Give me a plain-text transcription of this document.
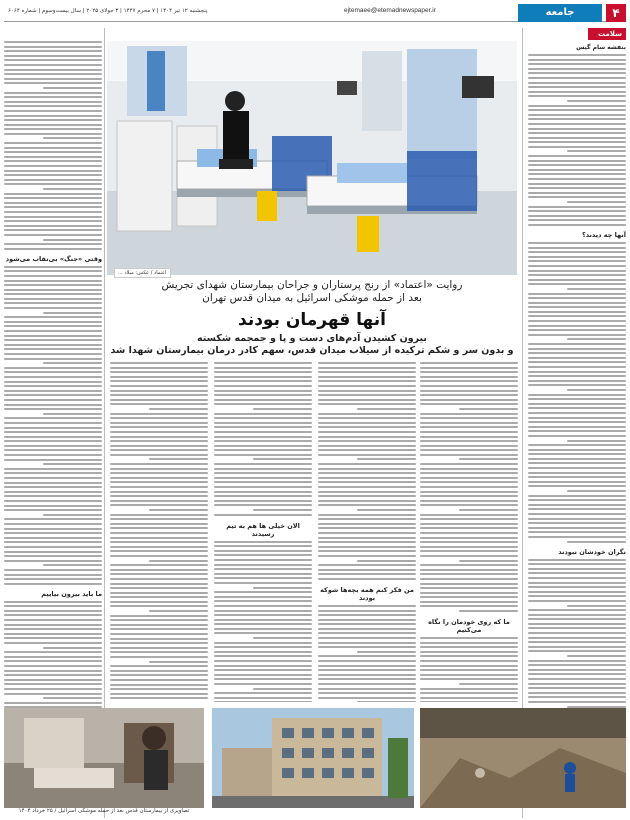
۴
جامعه
ejtemaee@etemadnewspaper.ir
پنجشنبه ۱۲ تیر ۱۴۰۴ | ۷ محرم ۱۴۴۷ | ۳ جولای ۲۰۲۵ | سال بیست‌وسوم | شماره ۶۰۶۴
سلامت
بنفشه سام گیس
آنها چه دیدند؟
نگران خودشان نبودند
اعتماد / عکس: میلاد ...
وقتی «جنگ» بی‌نقاب می‌شود
ما باید بیرون بیاییم
روایت «اعتماد» از رنج پرستاران و جراحان بیمارستان شهدای تجریش
بعد از حمله موشکی اسرائیل به میدان قدس تهران
آنها قهرمان بودند
بیرون کشیدن آدم‌های دست و پا و جمجمه شکسته
و بدون سر و شکم ترکیده از سیلاب میدان قدس، سهم کادر درمان بیمارستان شهدا شد
ما که روی خودمان را نگاه می‌کنیم
من فکر کنم همه بچه‌ها شوکه بودند
الان خیلی ها هم به تیم رسیدند
تصاویری از بیمارستان قدس بعد از حمله موشکی اسرائیل / ۲۵ خرداد ۱۴۰۴
